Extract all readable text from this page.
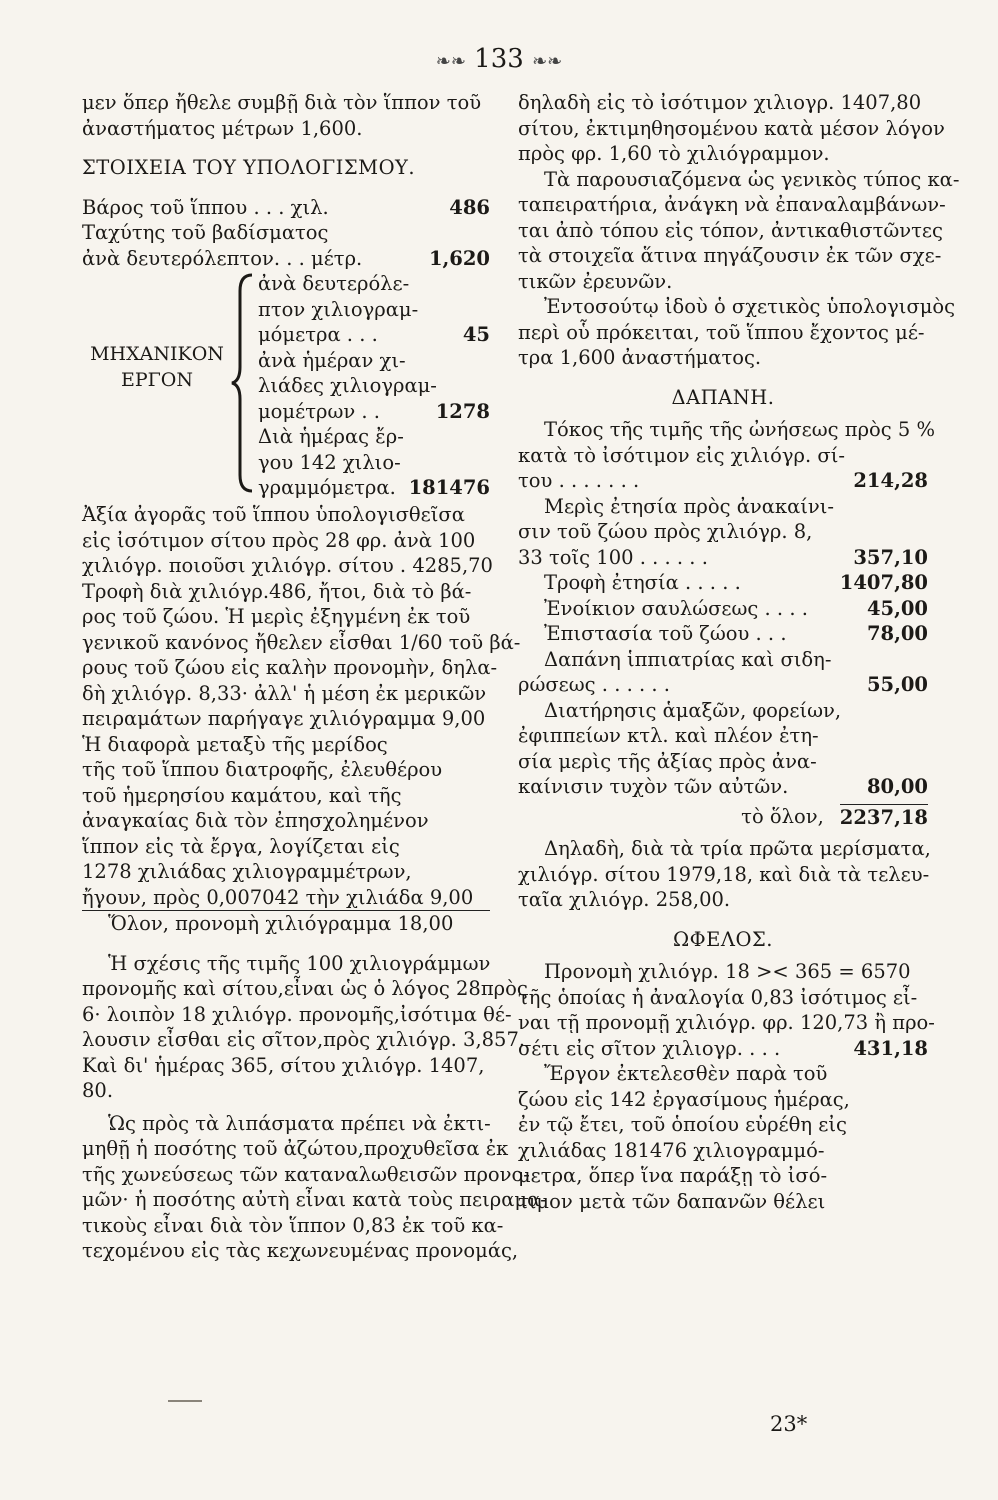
❧❧ 133 ❧❧
μεν ὅπερ ἤθελε συμβῇ διὰ τὸν ἵππον τοῦ
ἀναστήματος μέτρων 1,600.
ΣΤΟΙΧΕΙΑ ΤΟΥ ΥΠΟΛΟΓΙΣΜΟΥ.
Βάρος τοῦ ἵππου . . . χιλ.	486
Ταχύτης τοῦ βαδίσματος
ἀνὰ δευτερόλεπτον. . . μέτρ.	1,620
ΜΗΧΑΝΙΚΟΝ
ΕΡΓΟΝ
ἀνὰ δευτερόλε-
πτον χιλιογραμ-
μόμετρα . . .	45
ἀνὰ ἡμέραν χι-
λιάδες χιλιογραμ-
μομέτρων . .	1278
Διὰ ἡμέρας ἔρ-
γου 142 χιλιο-
γραμμόμετρα. 181476
Ἀξία ἀγορᾶς τοῦ ἵππου ὑπολογισθεῖσα
εἰς ἰσότιμον σίτου πρὸς 28 φρ. ἀνὰ 100
χιλιόγρ. ποιοῦσι χιλιόγρ. σίτου . 4285,70
Τροφὴ διὰ χιλιόγρ.486, ἤτοι, διὰ τὸ βά-
ρος τοῦ ζώου. Ἡ μερὶς ἐξηγμένη ἐκ τοῦ
γενικοῦ κανόνος ἤθελεν εἶσθαι 1/60 τοῦ βά-
ρους τοῦ ζώου εἰς καλὴν προνομὴν, δηλα-
δὴ χιλιόγρ. 8,33· ἀλλ' ἡ μέση ἐκ μερικῶν
πειραμάτων παρήγαγε χιλιόγραμμα 9,00
Ἡ διαφορὰ μεταξὺ τῆς μερίδος
τῆς τοῦ ἵππου διατροφῆς, ἐλευθέρου
τοῦ ἡμερησίου καμάτου, καὶ τῆς
ἀναγκαίας διὰ τὸν ἐπησχολημένον
ἵππον εἰς τὰ ἔργα, λογίζεται εἰς
1278 χιλιάδας χιλιογραμμέτρων,
ἤγουν, πρὸς 0,007042 τὴν χιλιάδα 9,00
Ὅλον, προνομὴ χιλιόγραμμα 18,00
Ἡ σχέσις τῆς τιμῆς 100 χιλιογράμμων
προνομῆς καὶ σίτου,εἶναι ὡς ὁ λόγος 28πρὸς
6· λοιπὸν 18 χιλιόγρ. προνομῆς,ἰσότιμα θέ-
λουσιν εἶσθαι εἰς σῖτον,πρὸς χιλιόγρ. 3,857.
Καὶ δι' ἡμέρας 365, σίτου χιλιόγρ. 1407,
80.
Ὡς πρὸς τὰ λιπάσματα πρέπει νὰ ἐκτι-
μηθῇ ἡ ποσότης τοῦ ἀζώτου,προχυθεῖσα ἐκ
τῆς χωνεύσεως τῶν καταναλωθεισῶν προνο-
μῶν· ἡ ποσότης αὐτὴ εἶναι κατὰ τοὺς πειραμα-
τικοὺς εἶναι διὰ τὸν ἵππον 0,83 ἐκ τοῦ κα-
τεχομένου εἰς τὰς κεχωνευμένας προνομάς,
δηλαδὴ εἰς τὸ ἰσότιμον χιλιογρ. 1407,80
σίτου, ἐκτιμηθησομένου κατὰ μέσον λόγον
πρὸς φρ. 1,60 τὸ χιλιόγραμμον.
Τὰ παρουσιαζόμενα ὡς γενικὸς τύπος κα-
ταπειρατήρια, ἀνάγκη νὰ ἐπαναλαμβάνων-
ται ἀπὸ τόπου εἰς τόπον, ἀντικαθιστῶντες
τὰ στοιχεῖα ἅτινα πηγάζουσιν ἐκ τῶν σχε-
τικῶν ἐρευνῶν.
Ἐντοσούτῳ ἰδοὺ ὁ σχετικὸς ὑπολογισμὸς
περὶ οὗ πρόκειται, τοῦ ἵππου ἔχοντος μέ-
τρα 1,600 ἀναστήματος.
ΔΑΠΑΝΗ.
Τόκος τῆς τιμῆς τῆς ὠνήσεως πρὸς 5 %
κατὰ τὸ ἰσότιμον εἰς χιλιόγρ. σί-
του . . . . . . .	214,28
Μερὶς ἐτησία πρὸς ἀνακαίνι-
σιν τοῦ ζώου πρὸς χιλιόγρ. 8,
33 τοῖς 100 . . . . . .	357,10
Τροφὴ ἐτησία . . . . .	1407,80
Ἐνοίκιον σαυλώσεως . . . .	45,00
Ἐπιστασία τοῦ ζώου . . .	78,00
Δαπάνη ἱππιατρίας καὶ σιδη-
ρώσεως . . . . . .	55,00
Διατήρησις ἁμαξῶν, φορείων,
ἐφιππείων κτλ. καὶ πλέον ἐτη-
σία μερὶς τῆς ἀξίας πρὸς ἀνα-
καίνισιν τυχὸν τῶν αὐτῶν.	80,00
τὸ ὅλον, 2237,18
Δηλαδὴ, διὰ τὰ τρία πρῶτα μερίσματα,
χιλιόγρ. σίτου 1979,18, καὶ διὰ τὰ τελευ-
ταῖα χιλιόγρ. 258,00.
ΩΦΕΛΟΣ.
Προνομὴ χιλιόγρ. 18 >< 365 = 6570
τῆς ὁποίας ἡ ἀναλογία 0,83 ἰσότιμος εἶ-
ναι τῇ προνομῇ χιλιόγρ. φρ. 120,73 ἢ προ-
σέτι εἰς σῖτον χιλιογρ. . . .	431,18
Ἔργον ἐκτελεσθὲν παρὰ τοῦ
ζώου εἰς 142 ἐργασίμους ἡμέρας,
ἐν τῷ ἔτει, τοῦ ὁποίου εὑρέθη εἰς
χιλιάδας 181476 χιλιογραμμό-
μετρα, ὅπερ ἵνα παράξῃ τὸ ἰσό-
τιμον μετὰ τῶν δαπανῶν θέλει
23*
